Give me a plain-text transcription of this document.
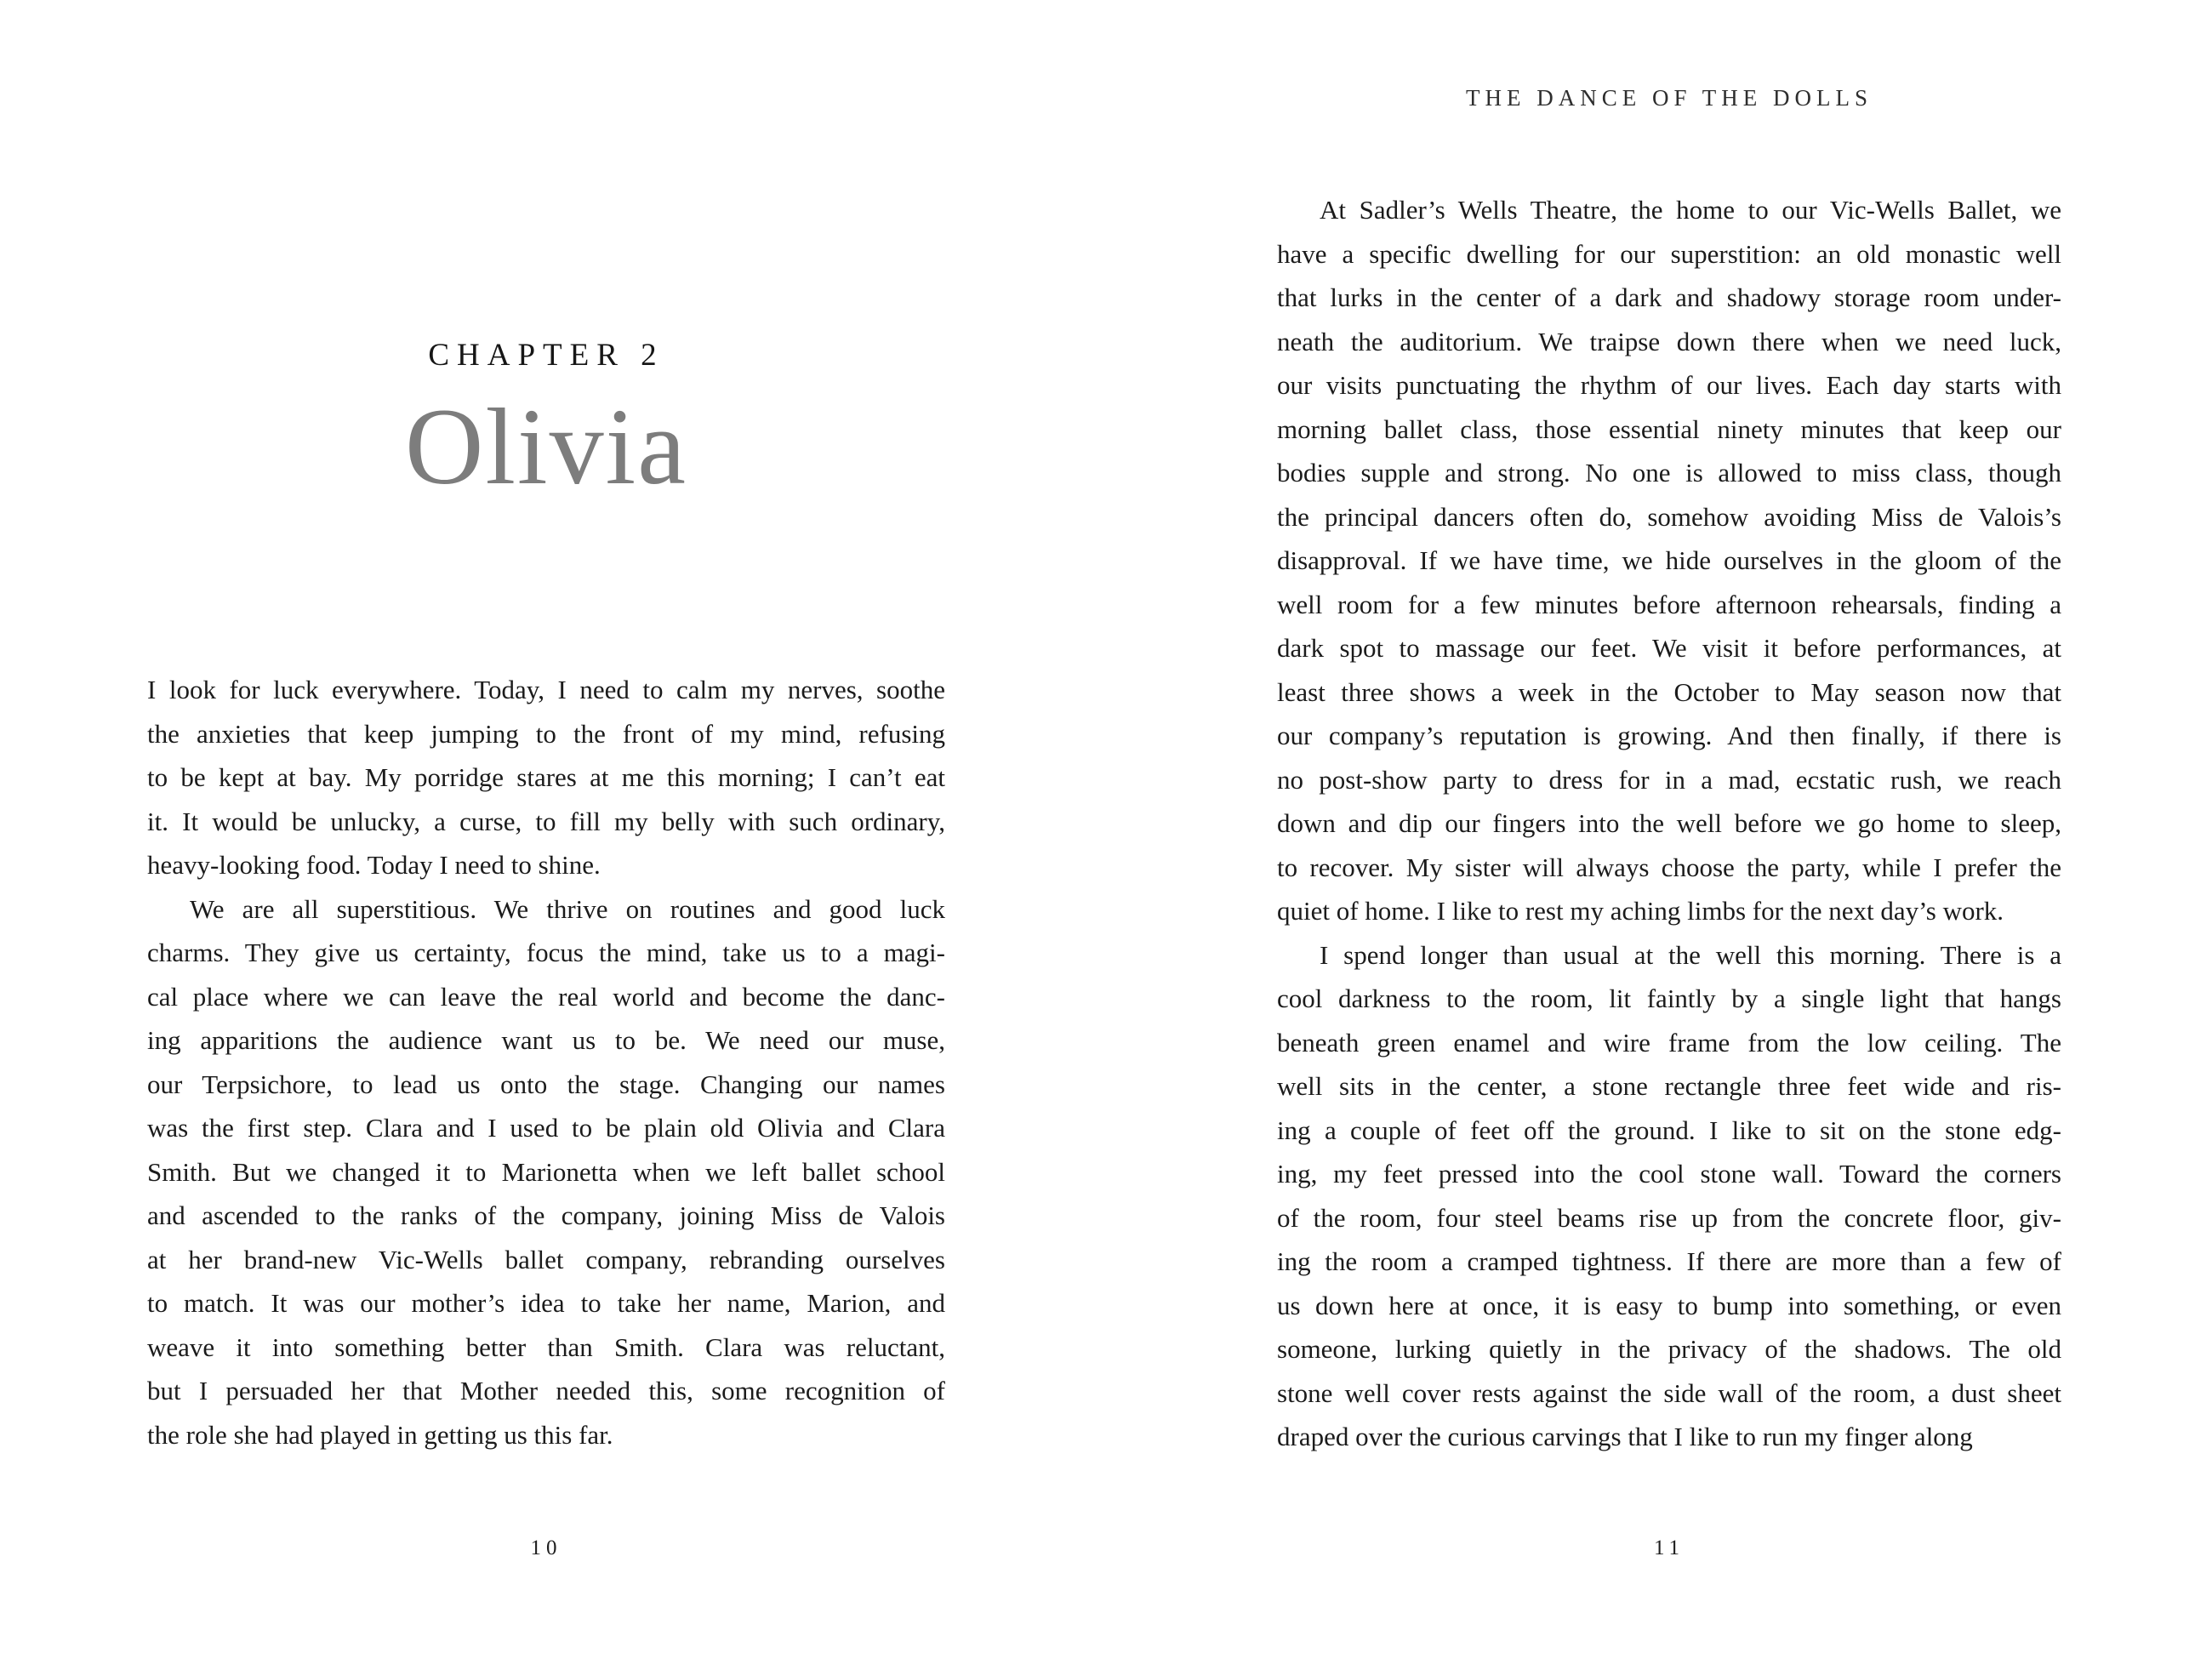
CHAPTER 2
Olivia
I look for luck everywhere. Today, I need to calm my nerves, soothe
the anxieties that keep jumping to the front of my mind, refusing
to be kept at bay. My porridge stares at me this morning; I can’t eat
it. It would be unlucky, a curse, to fill my belly with such ordinary,
heavy-looking food. Today I need to shine.
We are all superstitious. We thrive on routines and good luck
charms. They give us certainty, focus the mind, take us to a magi-
cal place where we can leave the real world and become the danc-
ing apparitions the audience want us to be. We need our muse,
our Terpsichore, to lead us onto the stage. Changing our names
was the first step. Clara and I used to be plain old Olivia and Clara
Smith. But we changed it to Marionetta when we left ballet school
and ascended to the ranks of the company, joining Miss de Valois
at her brand-new Vic-Wells ballet company, rebranding ourselves
to match. It was our mother’s idea to take her name, Marion, and
weave it into something better than Smith. Clara was reluctant,
but I persuaded her that Mother needed this, some recognition of
the role she had played in getting us this far.
10
THE DANCE OF THE DOLLS
At Sadler’s Wells Theatre, the home to our Vic-Wells Ballet, we
have a specific dwelling for our superstition: an old monastic well
that lurks in the center of a dark and shadowy storage room under-
neath the auditorium. We traipse down there when we need luck,
our visits punctuating the rhythm of our lives. Each day starts with
morning ballet class, those essential ninety minutes that keep our
bodies supple and strong. No one is allowed to miss class, though
the principal dancers often do, somehow avoiding Miss de Valois’s
disapproval. If we have time, we hide ourselves in the gloom of the
well room for a few minutes before afternoon rehearsals, finding a
dark spot to massage our feet. We visit it before performances, at
least three shows a week in the October to May season now that
our company’s reputation is growing. And then finally, if there is
no post-show party to dress for in a mad, ecstatic rush, we reach
down and dip our fingers into the well before we go home to sleep,
to recover. My sister will always choose the party, while I prefer the
quiet of home. I like to rest my aching limbs for the next day’s work.
I spend longer than usual at the well this morning. There is a
cool darkness to the room, lit faintly by a single light that hangs
beneath green enamel and wire frame from the low ceiling. The
well sits in the center, a stone rectangle three feet wide and ris-
ing a couple of feet off the ground. I like to sit on the stone edg-
ing, my feet pressed into the cool stone wall. Toward the corners
of the room, four steel beams rise up from the concrete floor, giv-
ing the room a cramped tightness. If there are more than a few of
us down here at once, it is easy to bump into something, or even
someone, lurking quietly in the privacy of the shadows. The old
stone well cover rests against the side wall of the room, a dust sheet
draped over the curious carvings that I like to run my finger along
11
